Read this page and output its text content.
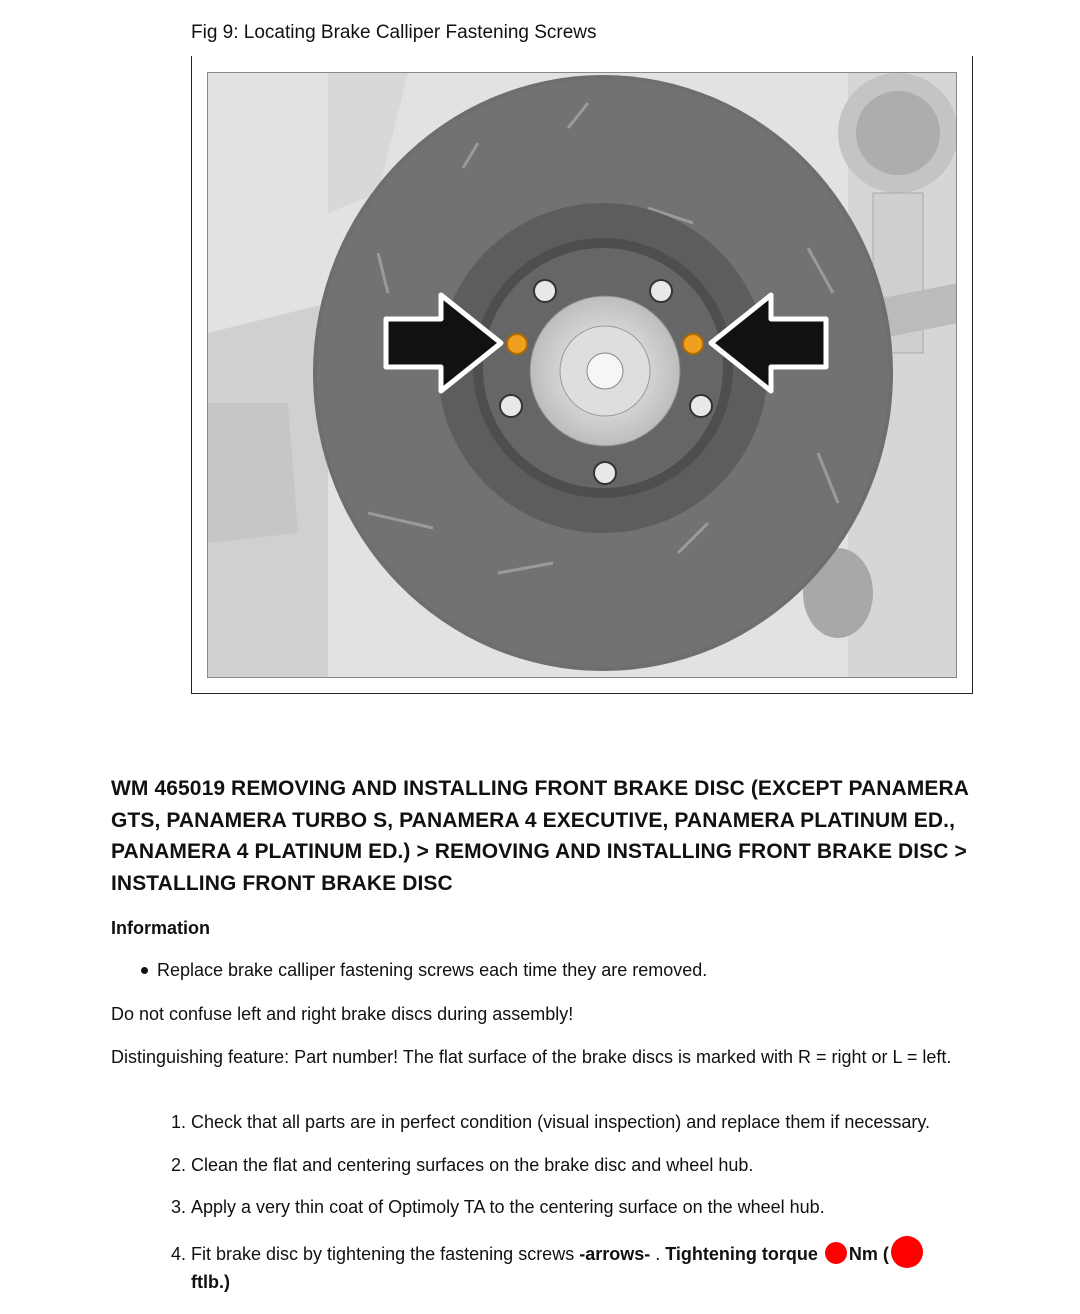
Fig 9: Locating Brake Calliper Fastening Screws
WM 465019 REMOVING AND INSTALLING FRONT BRAKE DISC (EXCEPT PANAMERA GTS, PANAMERA TURBO S, PANAMERA 4 EXECUTIVE, PANAMERA PLATINUM ED., PANAMERA 4 PLATINUM ED.) > REMOVING AND INSTALLING FRONT BRAKE DISC > INSTALLING FRONT BRAKE DISC
Information
Replace brake calliper fastening screws each time they are removed.
Do not confuse left and right brake discs during assembly!
Distinguishing feature: Part number! The flat surface of the brake discs is marked with R = right or L = left.
1. Check that all parts are in perfect condition (visual inspection) and replace them if necessary.
2. Clean the flat and centering surfaces on the brake disc and wheel hub.
3. Apply a very thin coat of Optimoly TA to the centering surface on the wheel hub.
4. Fit brake disc by tightening the fastening screws -arrows- . Tightening torque Nm (
ftlb.)
